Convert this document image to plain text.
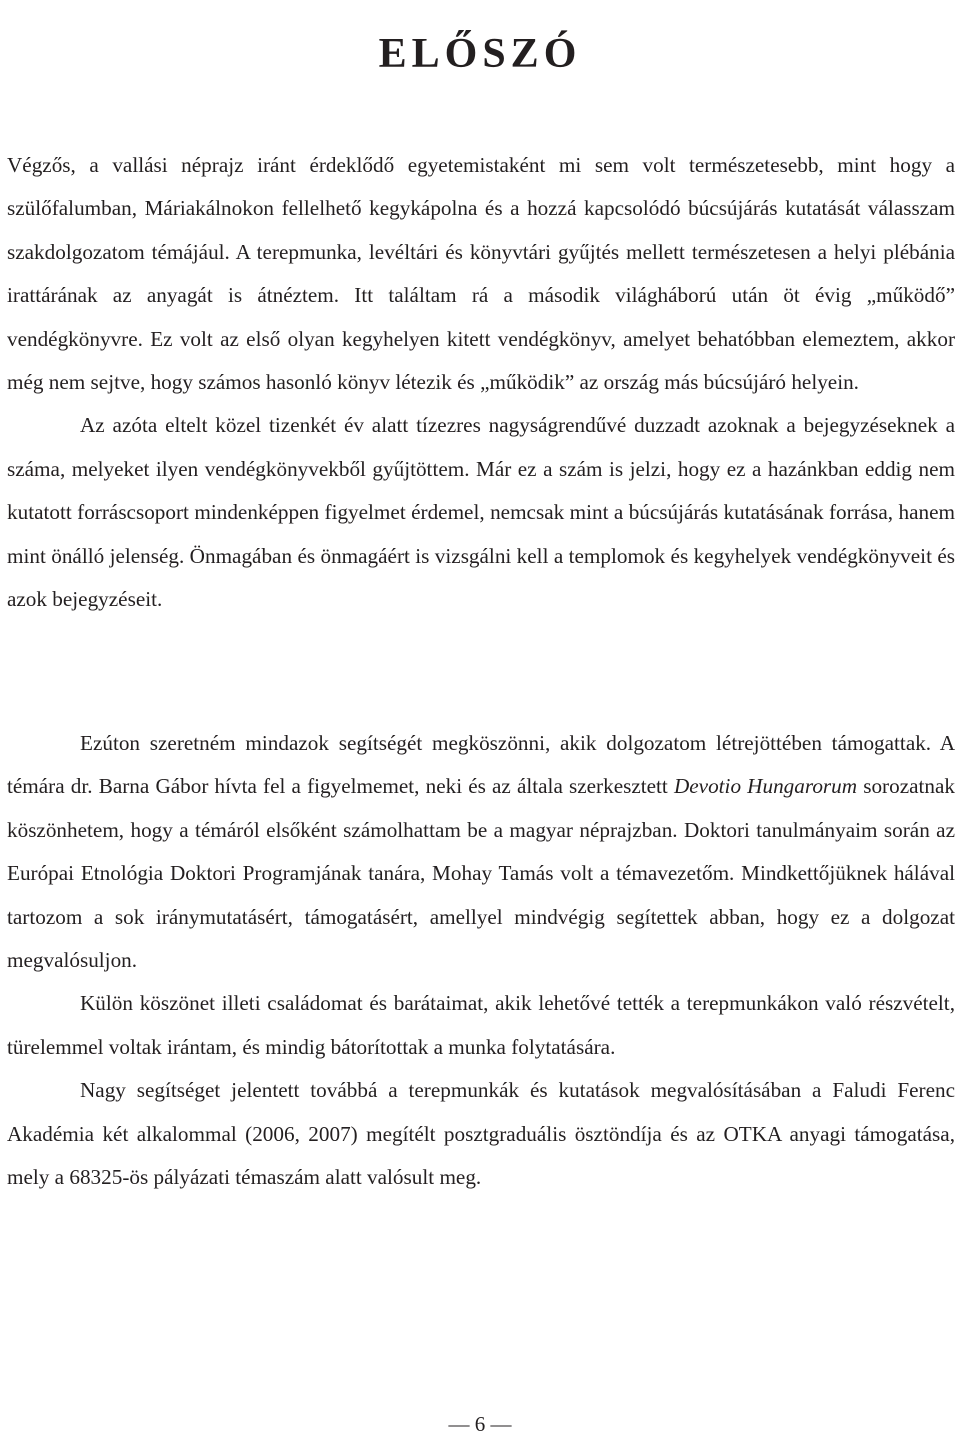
ELŐSZÓ

Végzős, a vallási néprajz iránt érdeklődő egyetemistaként mi sem volt természetesebb, mint hogy a szülőfalumban, Máriakálnokon fellelhető kegykápolna és a hozzá kapcsolódó búcsújárás kutatását válasszam szakdolgozatom témájául. A terepmunka, levéltári és könyvtári gyűjtés mellett természetesen a helyi plébánia irattárának az anyagát is átnéztem. Itt találtam rá a második világháború után öt évig „működő” vendégkönyvre. Ez volt az első olyan kegyhelyen kitett vendégkönyv, amelyet behatóbban elemeztem, akkor még nem sejtve, hogy számos hasonló könyv létezik és „működik” az ország más búcsújáró helyein.

Az azóta eltelt közel tizenkét év alatt tízezres nagyságrendűvé duzzadt azoknak a bejegyzéseknek a száma, melyeket ilyen vendégkönyvekből gyűjtöttem. Már ez a szám is jelzi, hogy ez a hazánkban eddig nem kutatott forráscsoport mindenképpen figyelmet érdemel, nemcsak mint a búcsújárás kutatásának forrása, hanem mint önálló jelenség. Önmagában és önmagáért is vizsgálni kell a templomok és kegyhelyek vendégkönyveit és azok bejegyzéseit.

Ezúton szeretném mindazok segítségét megköszönni, akik dolgozatom létrejöttében támogattak. A témára dr. Barna Gábor hívta fel a figyelmemet, neki és az általa szerkesztett Devotio Hungarorum sorozatnak köszönhetem, hogy a témáról elsőként számolhattam be a magyar néprajzban. Doktori tanulmányaim során az Európai Etnológia Doktori Programjának tanára, Mohay Tamás volt a témavezetőm. Mindkettőjüknek hálával tartozom a sok iránymutatásért, támogatásért, amellyel mindvégig segítettek abban, hogy ez a dolgozat megvalósuljon.

Külön köszönet illeti családomat és barátaimat, akik lehetővé tették a terepmunkákon való részvételt, türelemmel voltak irántam, és mindig bátorítottak a munka folytatására.

Nagy segítséget jelentett továbbá a terepmunkák és kutatások megvalósításában a Faludi Ferenc Akadémia két alkalommal (2006, 2007) megítélt posztgraduális ösztöndíja és az OTKA anyagi támogatása, mely a 68325-ös pályázati témaszám alatt valósult meg.

— 6 —
